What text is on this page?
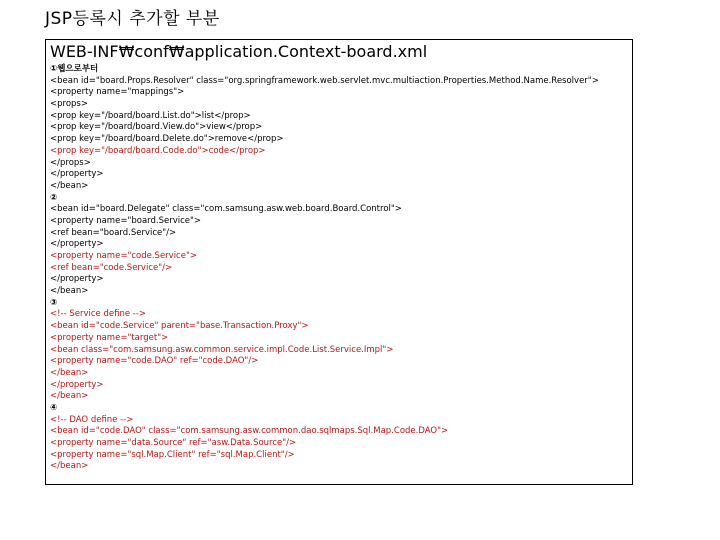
JSP등록시 추가할 부분
WEB-INF₩conf₩application.Context-board.xml
①웹으로부터
<bean id="board.Props.Resolver" class="org.springframework.web.servlet.mvc.multiaction.Properties.Method.Name.Resolver">
<property name="mappings">
<props>
<prop key="/board/board.List.do">list</prop>
<prop key="/board/board.View.do">view</prop>
<prop key="/board/board.Delete.do">remove</prop>
<prop key="/board/board.Code.do">code</prop>
</props>
</property>
</bean>
②
<bean id="board.Delegate" class="com.samsung.asw.web.board.Board.Control">
<property name="board.Service">
<ref bean="board.Service"/>
</property>
<property name="code.Service">
<ref bean="code.Service"/>
</property>
</bean>
③
<!-- Service define -->
<bean id="code.Service" parent="base.Transaction.Proxy">
<property name="target">
<bean class="com.samsung.asw.common.service.impl.Code.List.Service.Impl">
<property name="code.DAO" ref="code.DAO"/>
</bean>
</property>
</bean>
④
<!-- DAO define -->
<bean id="code.DAO" class="com.samsung.asw.common.dao.sqlmaps.Sql.Map.Code.DAO">
<property name="data.Source" ref="asw.Data.Source"/>
<property name="sql.Map.Client" ref="sql.Map.Client"/>
</bean>
